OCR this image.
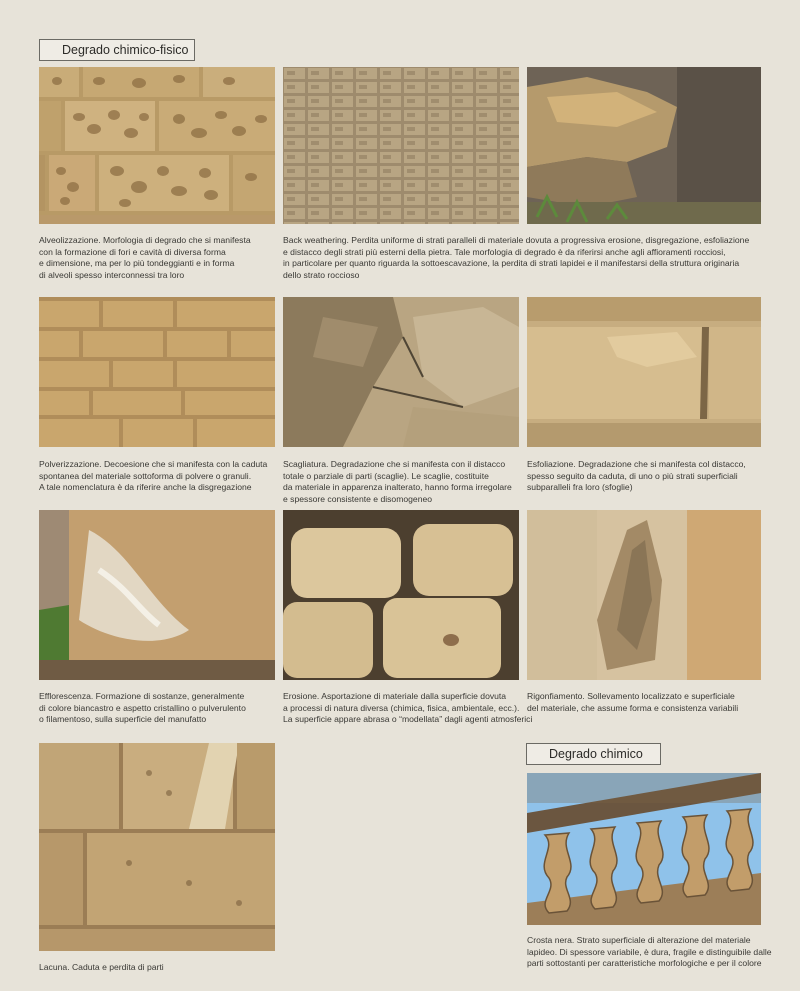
Degrado chimico-fisico
Degrado chimico
Alveolizzazione. Morfologia di degrado che si manifesta
con la formazione di fori e cavità di diversa forma
e dimensione, ma per lo più tondeggianti e in forma
di alveoli spesso interconnessi tra loro
Back weathering. Perdita uniforme di strati paralleli di materiale dovuta a progressiva erosione, disgregazione, esfoliazione
e distacco degli strati più esterni della pietra. Tale morfologia di degrado è da riferirsi anche agli affioramenti rocciosi,
in particolare per quanto riguarda la sottoescavazione, la perdita di strati lapidei e il manifestarsi della struttura originaria
dello strato roccioso
Polverizzazione. Decoesione che si manifesta con la caduta
spontanea del materiale sottoforma di polvere o granuli.
A tale nomenclatura è da riferire anche la disgregazione
Scagliatura. Degradazione che si manifesta con il distacco
totale o parziale di parti (scaglie). Le scaglie, costituite
da materiale in apparenza inalterato, hanno forma irregolare
e spessore consistente e disomogeneo
Esfoliazione. Degradazione che si manifesta col distacco,
spesso seguito da caduta, di uno o più strati superficiali
subparalleli fra loro (sfoglie)
Efflorescenza. Formazione di sostanze, generalmente
di colore biancastro e aspetto cristallino o pulverulento
o filamentoso, sulla superficie del manufatto
Erosione. Asportazione di materiale dalla superficie dovuta
a processi di natura diversa (chimica, fisica, ambientale, ecc.).
La superficie appare abrasa o “modellata” dagli agenti atmosferici
Rigonfiamento. Sollevamento localizzato e superficiale
del materiale, che assume forma e consistenza variabili
Lacuna. Caduta e perdita di parti
Crosta nera. Strato superficiale di alterazione del materiale
lapideo. Di spessore variabile, è dura, fragile e distinguibile dalle
parti sottostanti per caratteristiche morfologiche e per il colore
